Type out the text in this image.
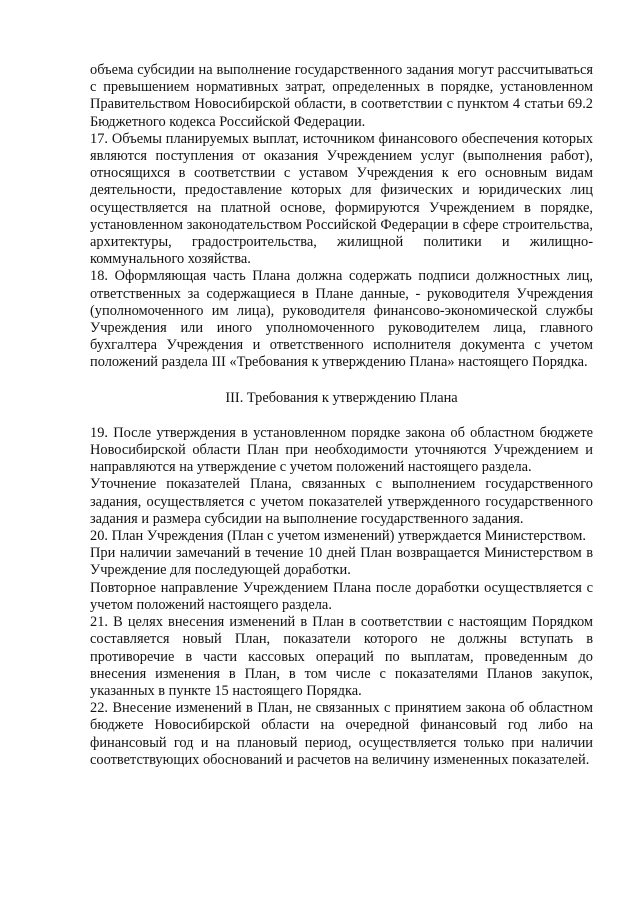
объема субсидии на выполнение государственного задания могут рассчитываться с превышением нормативных затрат, определенных в порядке, установленном Правительством Новосибирской области, в соответствии с пунктом 4 статьи 69.2 Бюджетного кодекса Российской Федерации.

17. Объемы планируемых выплат, источником финансового обеспечения которых являются поступления от оказания Учреждением услуг (выполнения работ), относящихся в соответствии с уставом Учреждения к его основным видам деятельности, предоставление которых для физических и юридических лиц осуществляется на платной основе, формируются Учреждением в порядке, установленном законодательством Российской Федерации в сфере строительства, архитектуры, градостроительства, жилищной политики и жилищно-коммунального хозяйства.

18. Оформляющая часть Плана должна содержать подписи должностных лиц, ответственных за содержащиеся в Плане данные, - руководителя Учреждения (уполномоченного им лица), руководителя финансово-экономической службы Учреждения или иного уполномоченного руководителем лица, главного бухгалтера Учреждения и ответственного исполнителя документа с учетом положений раздела III «Требования к утверждению Плана» настоящего Порядка.

III. Требования к утверждению Плана

19. После утверждения в установленном порядке закона об областном бюджете Новосибирской области План при необходимости уточняются Учреждением и направляются на утверждение с учетом положений настоящего раздела.

Уточнение показателей Плана, связанных с выполнением государственного задания, осуществляется с учетом показателей утвержденного государственного задания и размера субсидии на выполнение государственного задания.

20. План Учреждения (План с учетом изменений) утверждается Министерством.

При наличии замечаний в течение 10 дней План возвращается Министерством в Учреждение для последующей доработки.

Повторное направление Учреждением Плана после доработки осуществляется с учетом положений настоящего раздела.

21. В целях внесения изменений в План в соответствии с настоящим Порядком составляется новый План, показатели которого не должны вступать в противоречие в части кассовых операций по выплатам, проведенным до внесения изменения в План, в том числе с показателями Планов закупок, указанных в пункте 15 настоящего Порядка.

22. Внесение изменений в План, не связанных с принятием закона об областном бюджете Новосибирской области на очередной финансовый год либо на финансовый год и на плановый период, осуществляется только при наличии соответствующих обоснований и расчетов на величину измененных показателей.
